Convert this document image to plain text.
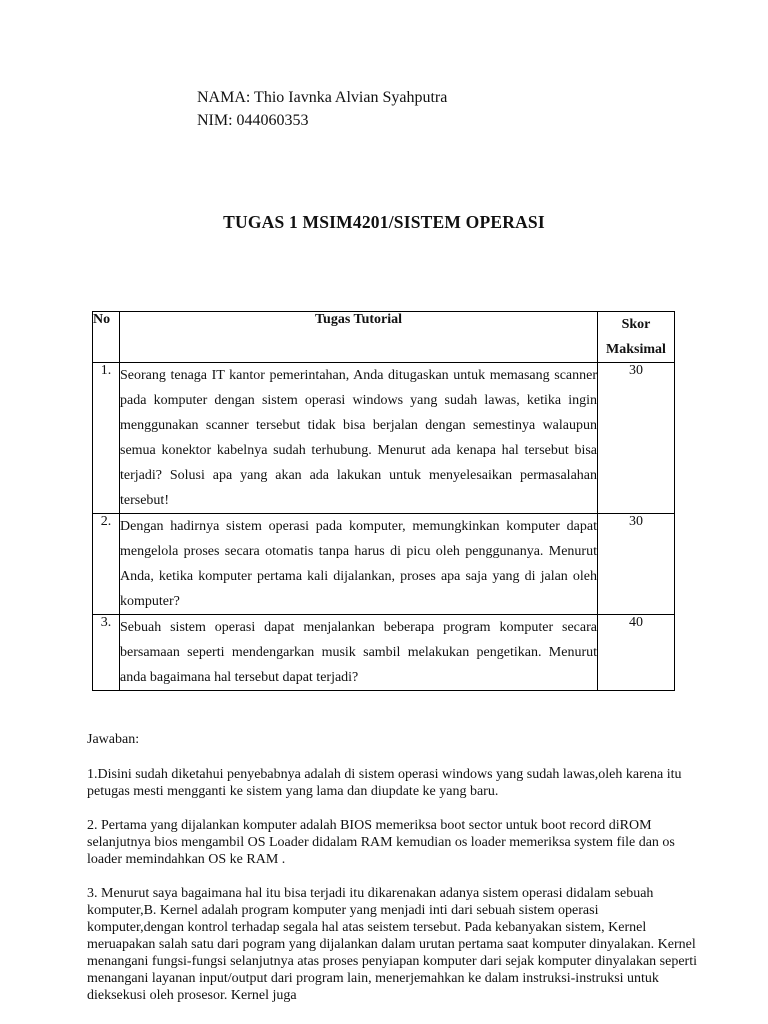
NAMA: Thio Iavnka Alvian Syahputra
NIM: 044060353
TUGAS 1 MSIM4201/SISTEM OPERASI
No	Tugas Tutorial	Skor
Maksimal

1.	Seorang tenaga IT kantor pemerintahan, Anda ditugaskan untuk memasang scanner pada komputer dengan sistem operasi windows yang sudah lawas, ketika ingin menggunakan scanner tersebut tidak bisa berjalan dengan semestinya walaupun semua konektor kabelnya sudah terhubung. Menurut ada kenapa hal tersebut bisa terjadi? Solusi apa yang akan ada lakukan untuk menyelesaikan permasalahan tersebut!	30
2.	Dengan hadirnya sistem operasi pada komputer, memungkinkan komputer dapat mengelola proses secara otomatis tanpa harus di picu oleh penggunanya. Menurut Anda, ketika komputer pertama kali dijalankan, proses apa saja yang di jalan oleh komputer?	30
3.	Sebuah sistem operasi dapat menjalankan beberapa program komputer secara bersamaan seperti mendengarkan musik sambil melakukan pengetikan. Menurut anda bagaimana hal tersebut dapat terjadi?	40

Jawaban:

1.Disini sudah diketahui penyebabnya adalah di sistem operasi windows yang sudah lawas,oleh karena itu petugas mesti mengganti ke sistem yang lama dan diupdate ke yang baru.

2. Pertama yang dijalankan komputer adalah BIOS memeriksa boot sector untuk boot record diROM selanjutnya bios mengambil OS Loader didalam RAM kemudian os loader memeriksa system file dan os loader memindahkan OS ke RAM .

3. Menurut saya bagaimana hal itu bisa terjadi itu dikarenakan adanya sistem operasi didalam sebuah komputer,B. Kernel adalah program komputer yang menjadi inti dari sebuah sistem operasi komputer,dengan kontrol terhadap segala hal atas seistem tersebut. Pada kebanyakan sistem, Kernel meruapakan salah satu dari pogram yang dijalankan dalam urutan pertama saat komputer dinyalakan. Kernel menangani fungsi-fungsi selanjutnya atas proses penyiapan komputer dari sejak komputer dinyalakan seperti menangani layanan input/output dari program lain, menerjemahkan ke dalam instruksi-instruksi untuk dieksekusi oleh prosesor. Kernel juga
